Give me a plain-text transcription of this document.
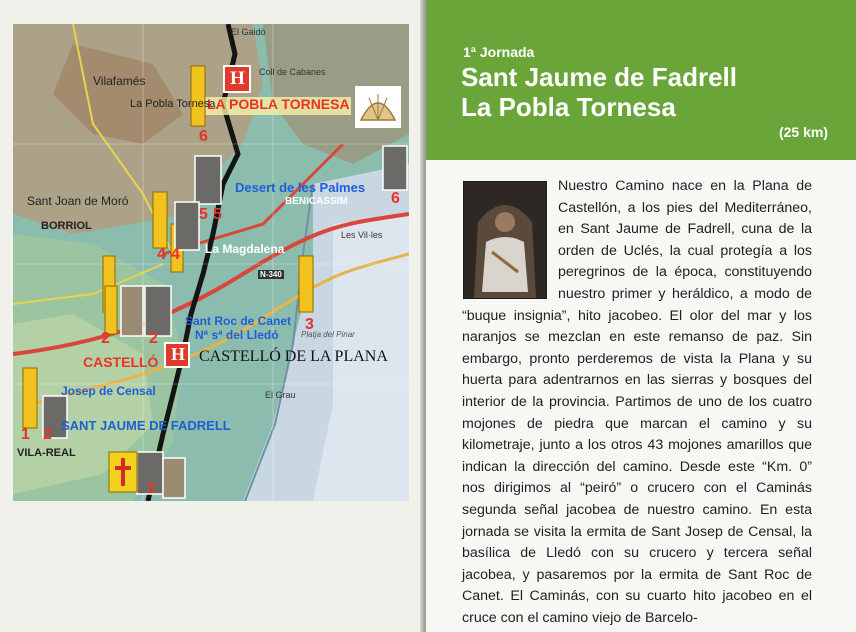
H
H
LA POBLA TORNESA
Vilafamés
La Pobla Tornesa
El Gaidó
Coll de Cabanes
Desert de les Palmes
BENICASSIM
Les Vil·les
Sant Joan de Moró
BORRIOL
La Magdalena
N-340
Sant Roc de Canet
Nª sª del Lledó
CASTELLÓ	CASTELLÓ DE LA PLANA
El Grau
Platja del Pinar
Josep de Censal
SANT JAUME DE FADRELL
VILA-REAL
6
6
5 5
4 4
2 2
3
1 2
1
1ª Jornada
Sant Jaume de Fadrell
La Pobla Tornesa
(25 km)
Nuestro Camino nace en la Plana de Castellón, a los pies del Mediterráneo, en Sant Jaume de Fadrell, cuna de la orden de Uclés, la cual protegía a los peregrinos de la época, constituyendo nuestro primer y heráldico, a modo de “buque insignia”, hito jacobeo. El olor del mar y los naranjos se mezclan en este remanso de paz. Sin embargo, pronto perderemos de vista la Plana y su huerta para adentrarnos en las sierras y bosques del interior de la provincia. Partimos de uno de los cuatro mojones de piedra que marcan el camino y su kilometraje, junto a los otros 43 mojones amarillos que indican la dirección del camino. Desde este “Km. 0” nos dirigimos al “peiró” o crucero con el Caminás segunda señal jacobea de nuestro camino. En esta jornada se visita la ermita de Sant Josep de Censal, la basílica de Lledó con su crucero y tercera señal jacobea, y pasaremos por la ermita de Sant Roc de Canet. El Caminás, con su cuarto hito jacobeo en el cruce con el camino viejo de Barcelo-
